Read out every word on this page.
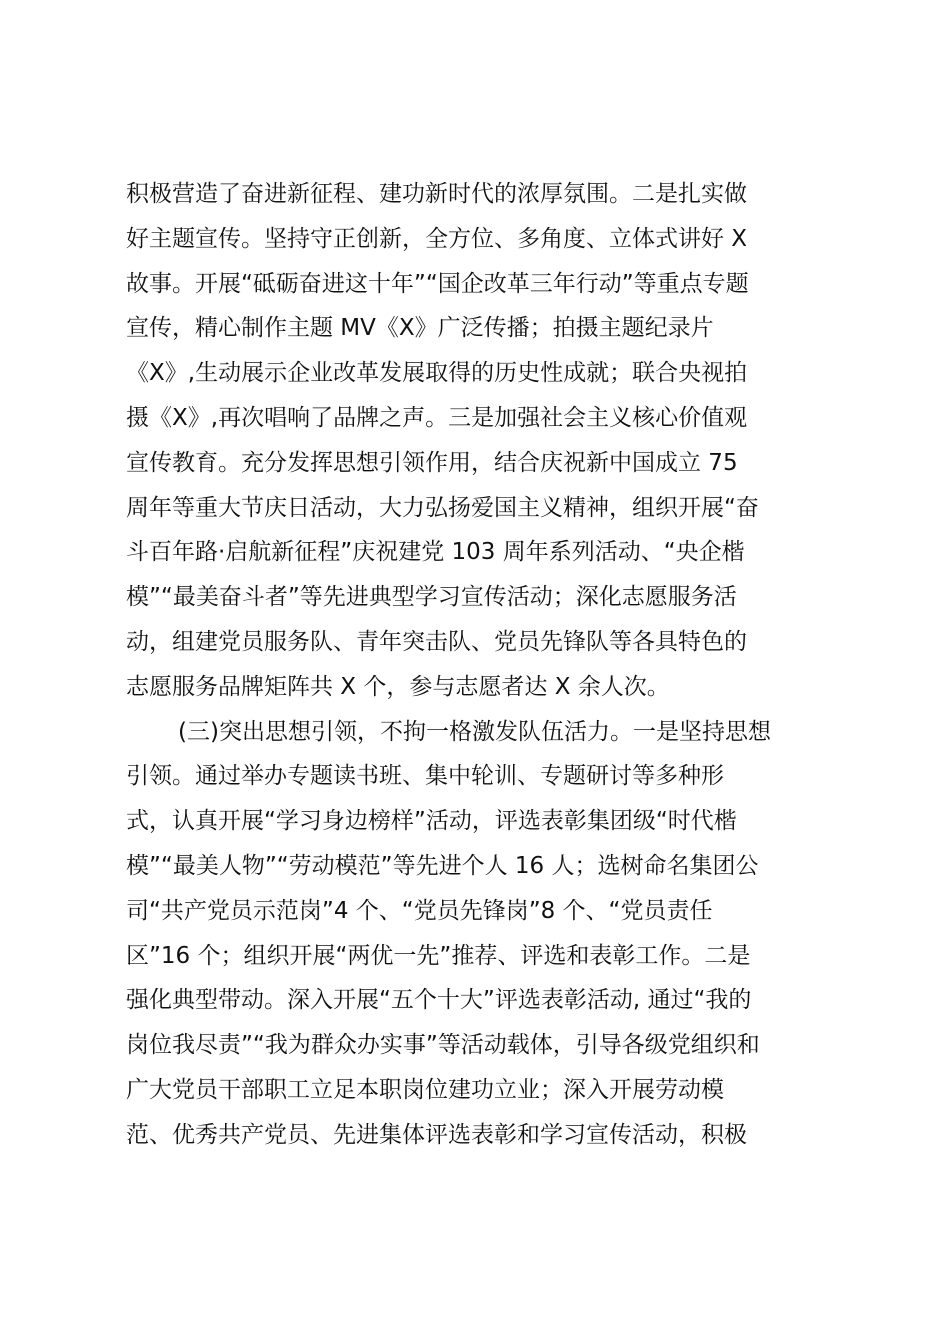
积极营造了奋进新征程、建功新时代的浓厚氛围。二是扎实做
好主题宣传。坚持守正创新，全方位、多角度、立体式讲好 X
故事。开展“砥砺奋进这十年”“国企改革三年行动”等重点专题
宣传，精心制作主题 MV《X》广泛传播；拍摄主题纪录片
《X》,生动展示企业改革发展取得的历史性成就；联合央视拍
摄《X》,再次唱响了品牌之声。三是加强社会主义核心价值观
宣传教育。充分发挥思想引领作用，结合庆祝新中国成立 75
周年等重大节庆日活动，大力弘扬爱国主义精神，组织开展“奋
斗百年路·启航新征程”庆祝建党 103 周年系列活动、“央企楷
模”“最美奋斗者”等先进典型学习宣传活动；深化志愿服务活
动，组建党员服务队、青年突击队、党员先锋队等各具特色的
志愿服务品牌矩阵共 X 个，参与志愿者达 X 余人次。
(三)突出思想引领，不拘一格激发队伍活力。一是坚持思想
引领。通过举办专题读书班、集中轮训、专题研讨等多种形
式，认真开展“学习身边榜样”活动，评选表彰集团级“时代楷
模”“最美人物”“劳动模范”等先进个人 16 人；选树命名集团公
司“共产党员示范岗”4 个、“党员先锋岗”8 个、“党员责任
区”16 个；组织开展“两优一先”推荐、评选和表彰工作。二是
强化典型带动。深入开展“五个十大”评选表彰活动, 通过“我的
岗位我尽责”“我为群众办实事”等活动载体，引导各级党组织和
广大党员干部职工立足本职岗位建功立业；深入开展劳动模
范、优秀共产党员、先进集体评选表彰和学习宣传活动，积极
